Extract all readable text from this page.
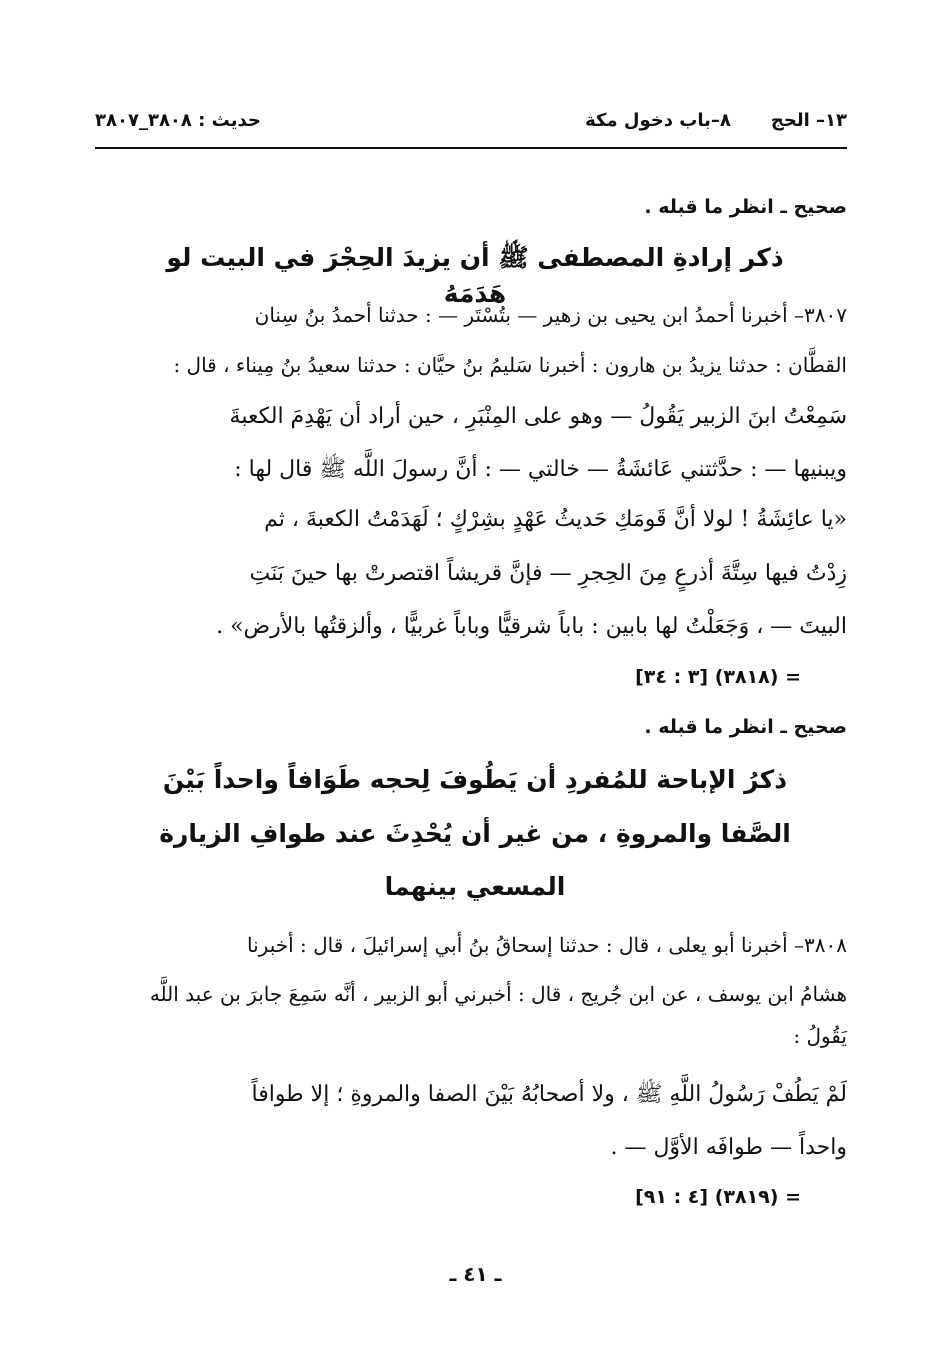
١٣– الحج٨–باب دخول مكة
حديث : ٣٨٠٨_٣٨٠٧
صحيح ـ انظر ما قبله .
ذكر إرادةِ المصطفى ﷺ أن يزيدَ الحِجْرَ في البيت لو هَدَمَهُ
٣٨٠٧– أخبرنا أحمدُ ابن يحيى بن زهير — بتُسْتَر — : حدثنا أحمدُ بنُ سِنان
القطَّان : حدثنا يزيدُ بن هارون : أخبرنا سَليمُ بنُ حيَّان : حدثنا سعيدُ بنُ مِيناء ، قال :
سَمِعْتُ ابنَ الزبير يَقُولُ — وهو على المِنْبَرِ ، حين أراد أن يَهْدِمَ الكعبةَ
ويبنيها — : حدَّثتني عَائشَةُ — خالتي — : أنَّ رسولَ اللَّه ﷺ قال لها :
«يا عائِشَةُ ! لولا أنَّ قَومَكِ حَديثُ عَهْدٍ بشِرْكٍ ؛ لَهَدَمْتُ الكعبةَ ، ثم
زِدْتُ فيها سِتَّةَ أذرعٍ مِنَ الحِجرِ — فإنَّ قريشاً اقتصرتْ بها حينَ بَنَتِ
البيتَ — ، وَجَعَلْتُ لها بابين : باباً شرقيًّا وباباً غربيًّا ، وألزقتُها بالأرض» .
= (٣٨١٨) [٣ : ٣٤]
صحيح ـ انظر ما قبله .
ذكرُ الإباحة للمُفردِ أن يَطُوفَ لِحجه طَوَافاً واحداً بَيْنَ
الصَّفا والمروةِ ، من غير أن يُحْدِثَ عند طوافِ الزيارة
المسعي بينهما
٣٨٠٨– أخبرنا أبو يعلى ، قال : حدثنا إسحاقُ بنُ أبي إسرائيلَ ، قال : أخبرنا
هشامُ ابن يوسف ، عن ابن جُريج ، قال : أخبرني أبو الزبير ، أنَّه سَمِعَ جابرَ بن عبد اللَّه
يَقُولُ :
لَمْ يَطُفْ رَسُولُ اللَّهِ ﷺ ، ولا أصحابُهُ بَيْنَ الصفا والمروةِ ؛ إلا طوافاً
واحداً — طوافَه الأوَّل — .
= (٣٨١٩) [٤ : ٩١]
ـ ٤١ ـ
